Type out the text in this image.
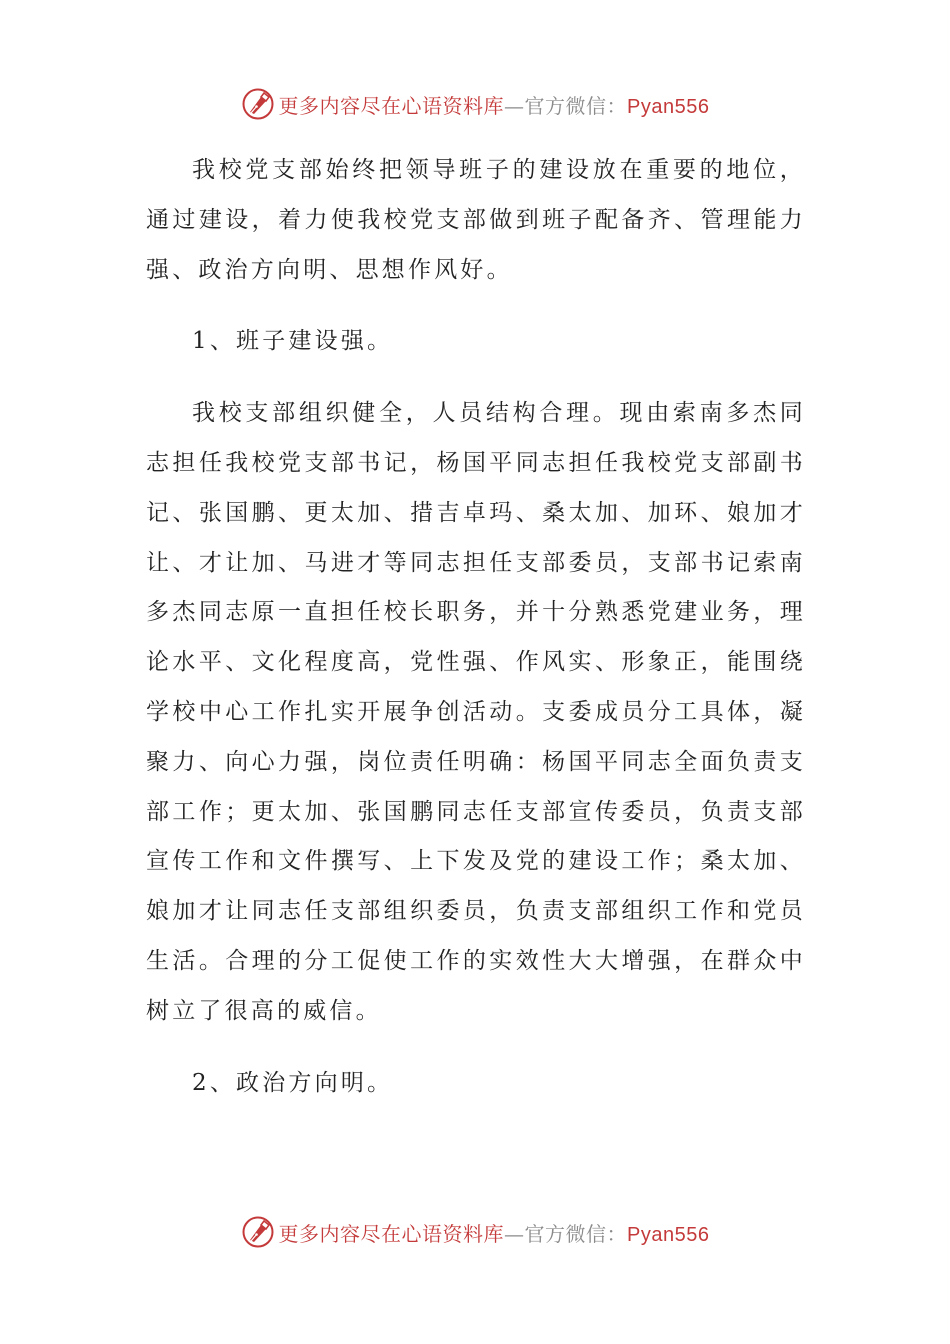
更多内容尽在心语资料库—官方微信：Pyan556

我校党支部始终把领导班子的建设放在重要的地位，通过建设，着力使我校党支部做到班子配备齐、管理能力强、政治方向明、思想作风好。

1、班子建设强。

我校支部组织健全，人员结构合理。现由索南多杰同志担任我校党支部书记，杨国平同志担任我校党支部副书记、张国鹏、更太加、措吉卓玛、桑太加、加环、娘加才让、才让加、马进才等同志担任支部委员，支部书记索南多杰同志原一直担任校长职务，并十分熟悉党建业务，理论水平、文化程度高，党性强、作风实、形象正，能围绕学校中心工作扎实开展争创活动。支委成员分工具体，凝聚力、向心力强，岗位责任明确：杨国平同志全面负责支部工作；更太加、张国鹏同志任支部宣传委员，负责支部宣传工作和文件撰写、上下发及党的建设工作；桑太加、娘加才让同志任支部组织委员，负责支部组织工作和党员生活。合理的分工促使工作的实效性大大增强，在群众中树立了很高的威信。

2、政治方向明。

更多内容尽在心语资料库—官方微信：Pyan556
